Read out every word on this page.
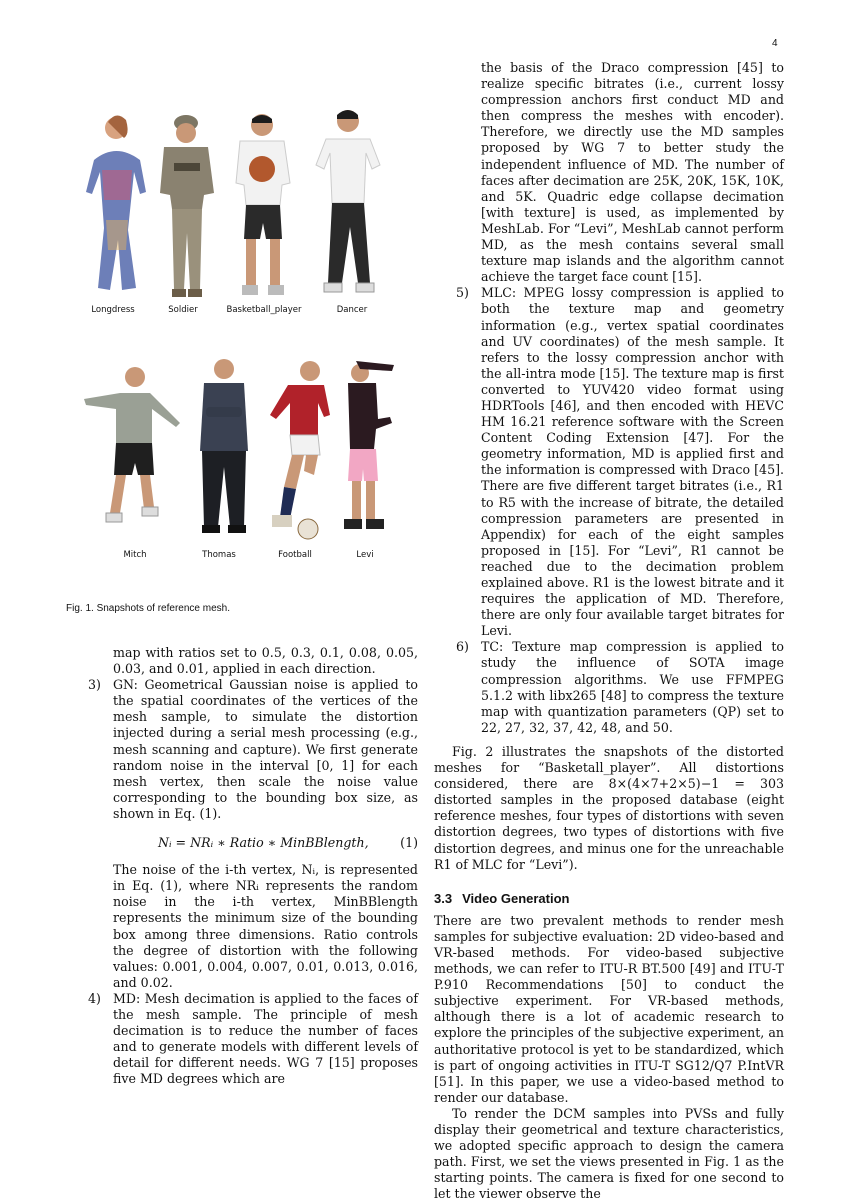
4
Longdress	Soldier	Basketball_player	Dancer
Mitch	Thomas	Football	Levi
Fig. 1. Snapshots of reference mesh.

map with ratios set to 0.5, 0.3, 0.1, 0.08, 0.05, 0.03, and 0.01, applied in each direction.

3) GN: Geometrical Gaussian noise is applied to the spatial coordinates of the vertices of the mesh sample, to simulate the distortion injected during a serial mesh processing (e.g., mesh scanning and capture). We first generate random noise in the interval [0, 1] for each mesh vertex, then scale the noise value corresponding to the bounding box size, as shown in Eq. (1).

Nᵢ = NRᵢ ∗ Ratio ∗ MinBBlength,	(1)

The noise of the i-th vertex, Nᵢ, is represented in Eq. (1), where NRᵢ represents the random noise in the i-th vertex, MinBBlength represents the minimum size of the bounding box among three dimensions. Ratio controls the degree of distortion with the following values: 0.001, 0.004, 0.007, 0.01, 0.013, 0.016, and 0.02.

4) MD: Mesh decimation is applied to the faces of the mesh sample. The principle of mesh decimation is to reduce the number of faces and to generate models with different levels of detail for different needs. WG 7 [15] proposes five MD degrees which are

the basis of the Draco compression [45] to realize specific bitrates (i.e., current lossy compression anchors first conduct MD and then compress the meshes with encoder). Therefore, we directly use the MD samples proposed by WG 7 to better study the independent influence of MD. The number of faces after decimation are 25K, 20K, 15K, 10K, and 5K. Quadric edge collapse decimation [with texture] is used, as implemented by MeshLab. For “Levi”, MeshLab cannot perform MD, as the mesh contains several small texture map islands and the algorithm cannot achieve the target face count [15].

5) MLC: MPEG lossy compression is applied to both the texture map and geometry information (e.g., vertex spatial coordinates and UV coordinates) of the mesh sample. It refers to the lossy compression anchor with the all-intra mode [15]. The texture map is first converted to YUV420 video format using HDRTools [46], and then encoded with HEVC HM 16.21 reference software with the Screen Content Coding Extension [47]. For the geometry information, MD is applied first and the information is compressed with Draco [45]. There are five different target bitrates (i.e., R1 to R5 with the increase of bitrate, the detailed compression parameters are presented in Appendix) for each of the eight samples proposed in [15]. For “Levi”, R1 cannot be reached due to the decimation problem explained above. R1 is the lowest bitrate and it requires the application of MD. Therefore, there are only four available target bitrates for Levi.

6) TC: Texture map compression is applied to study the influence of SOTA image compression algorithms. We use FFMPEG 5.1.2 with libx265 [48] to compress the texture map with quantization parameters (QP) set to 22, 27, 32, 37, 42, 48, and 50.

Fig. 2 illustrates the snapshots of the distorted meshes for “Basketall_player”. All distortions considered, there are 8×(4×7+2×5)−1 = 303 distorted samples in the proposed database (eight reference meshes, four types of distortions with seven distortion degrees, two types of distortions with five distortion degrees, and minus one for the unreachable R1 of MLC for “Levi”).

3.3 Video Generation

There are two prevalent methods to render mesh samples for subjective evaluation: 2D video-based and VR-based methods. For video-based subjective methods, we can refer to ITU-R BT.500 [49] and ITU-T P.910 Recommendations [50] to conduct the subjective experiment. For VR-based methods, although there is a lot of academic research to explore the principles of the subjective experiment, an authoritative protocol is yet to be standardized, which is part of ongoing activities in ITU-T SG12/Q7 P.IntVR [51]. In this paper, we use a video-based method to render our database.

To render the DCM samples into PVSs and fully display their geometrical and texture characteristics, we adopted specific approach to design the camera path. First, we set the views presented in Fig. 1 as the starting points. The camera is fixed for one second to let the viewer observe the
